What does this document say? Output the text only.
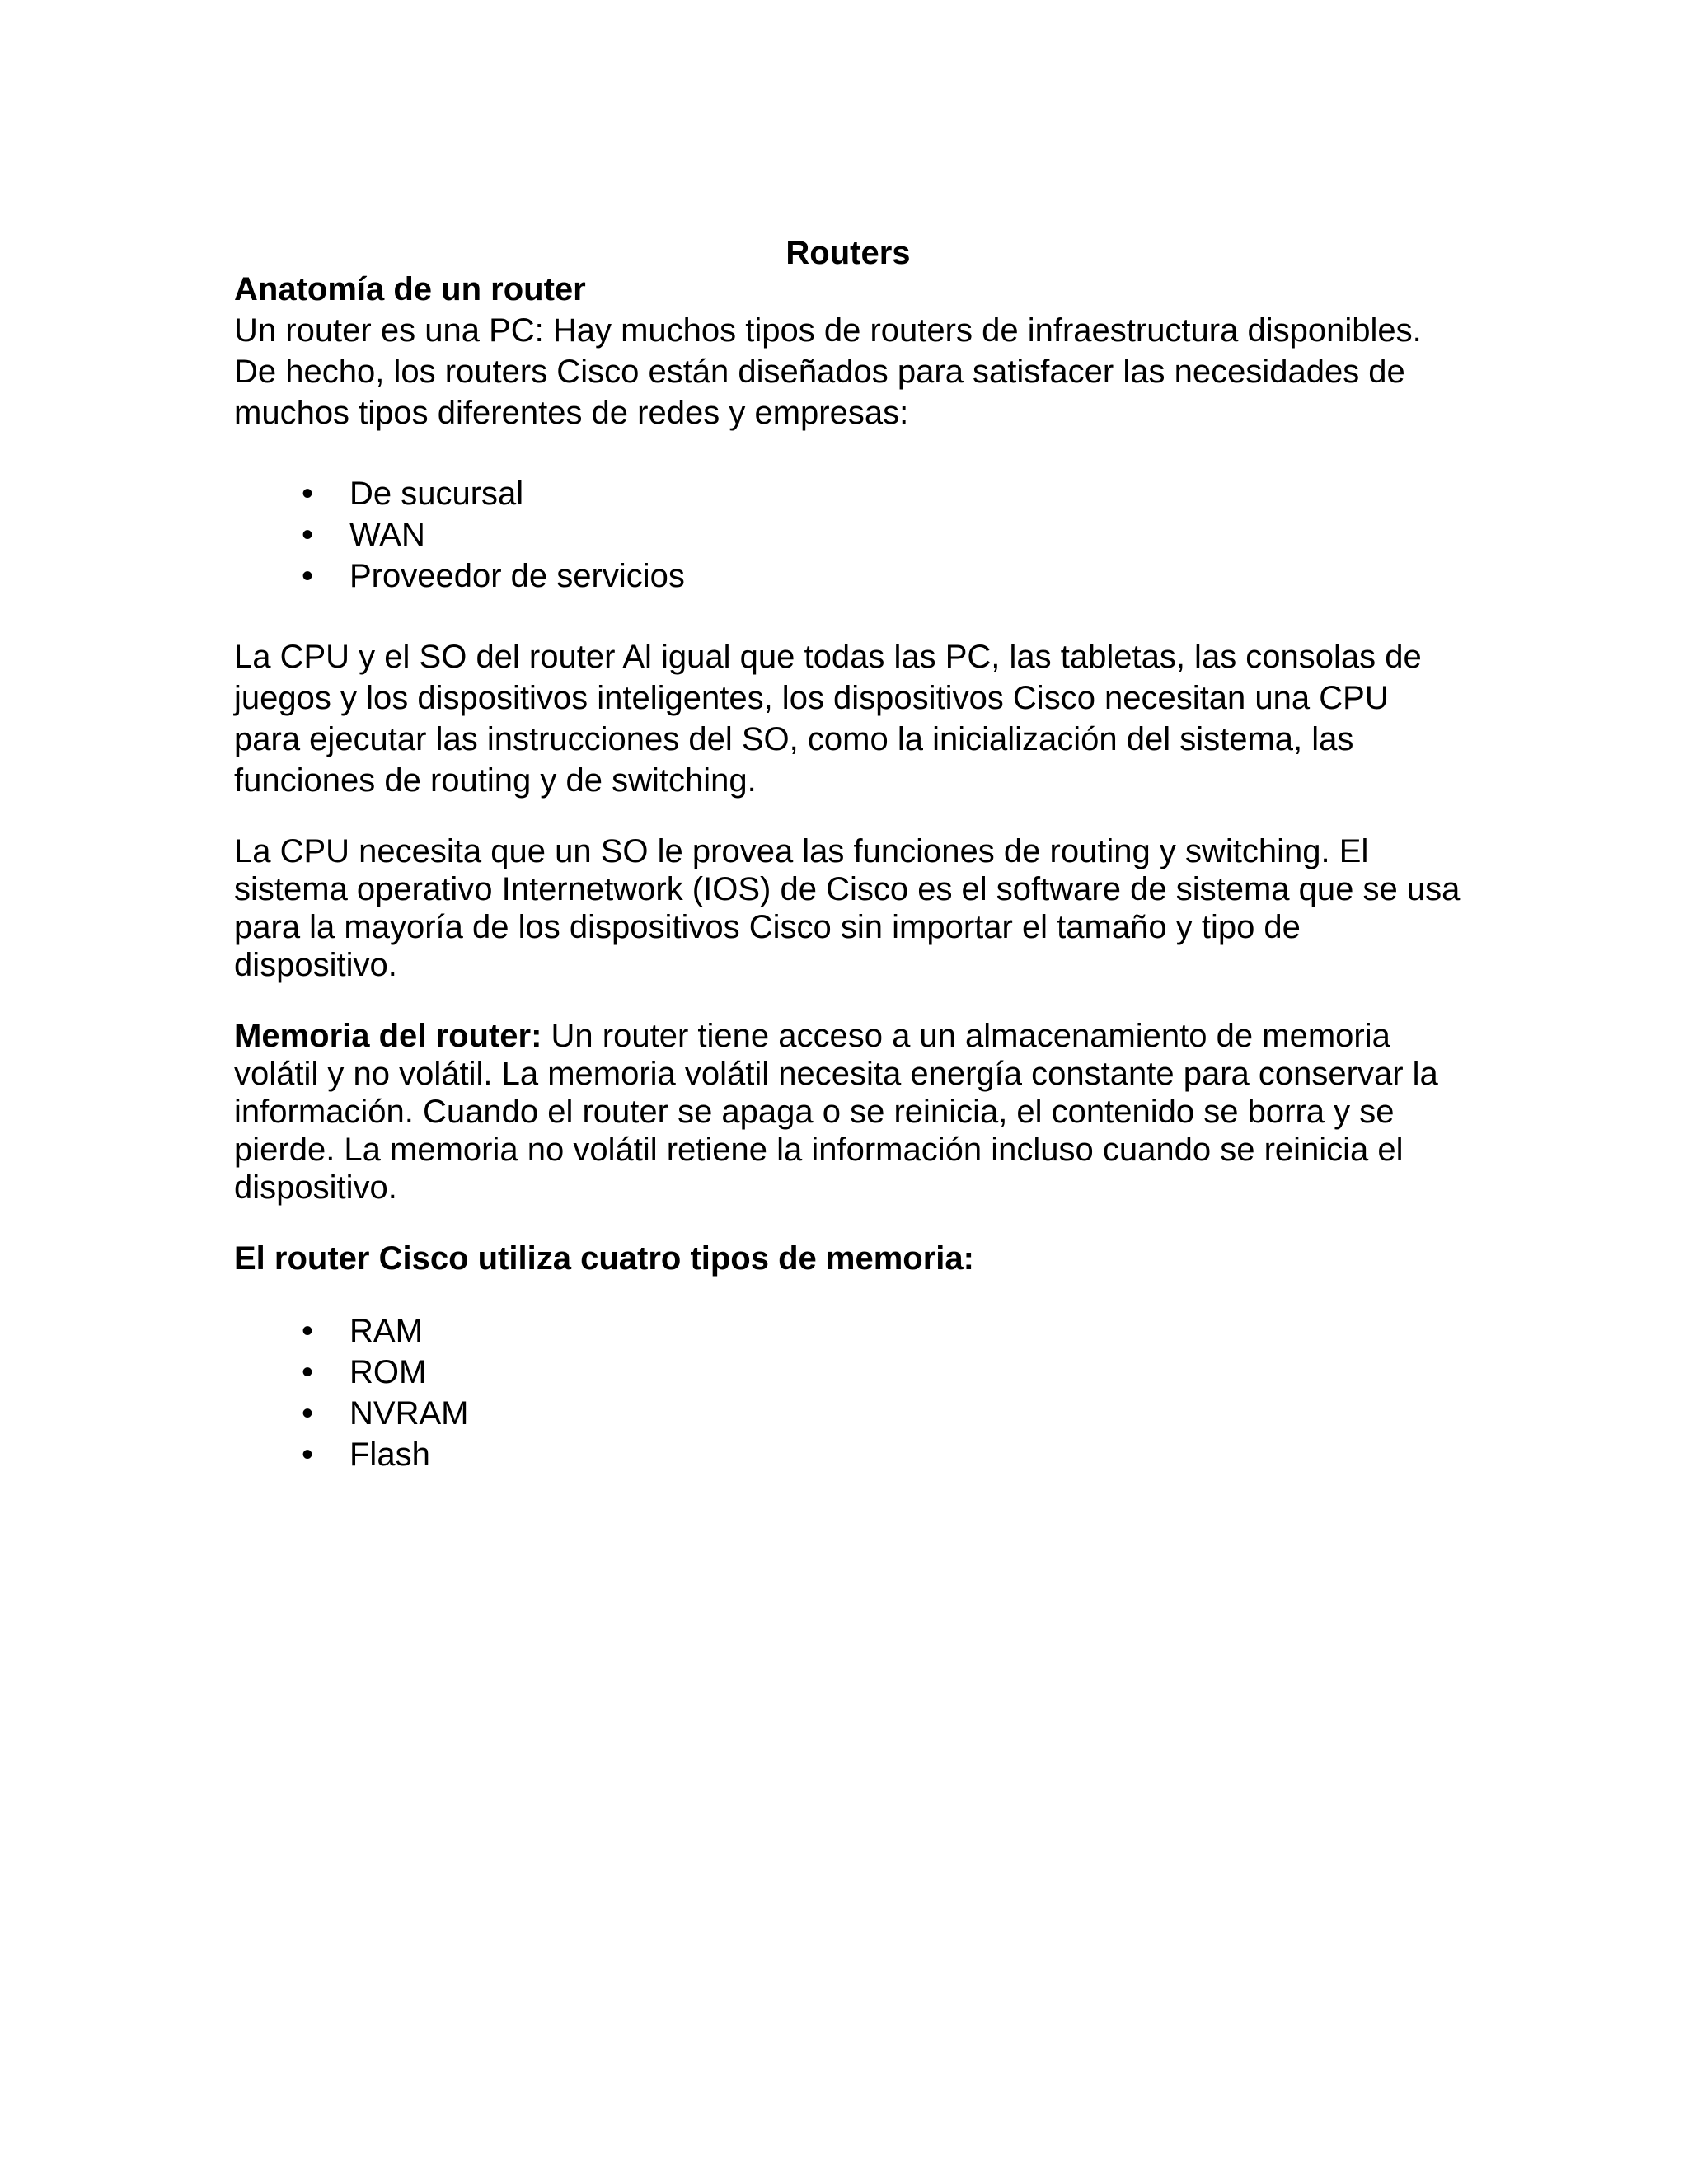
Routers
Anatomía de un router

Un router es una PC: Hay muchos tipos de routers de infraestructura disponibles. De hecho, los routers Cisco están diseñados para satisfacer las necesidades de muchos tipos diferentes de redes y empresas:

• De sucursal
• WAN
• Proveedor de servicios

La CPU y el SO del router Al igual que todas las PC, las tabletas, las consolas de juegos y los dispositivos inteligentes, los dispositivos Cisco necesitan una CPU para ejecutar las instrucciones del SO, como la inicialización del sistema, las funciones de routing y de switching.

La CPU necesita que un SO le provea las funciones de routing y switching. El sistema operativo Internetwork (IOS) de Cisco es el software de sistema que se usa para la mayoría de los dispositivos Cisco sin importar el tamaño y tipo de dispositivo.

Memoria del router: Un router tiene acceso a un almacenamiento de memoria volátil y no volátil. La memoria volátil necesita energía constante para conservar la información. Cuando el router se apaga o se reinicia, el contenido se borra y se pierde. La memoria no volátil retiene la información incluso cuando se reinicia el dispositivo.

El router Cisco utiliza cuatro tipos de memoria:

• RAM
• ROM
• NVRAM
• Flash
